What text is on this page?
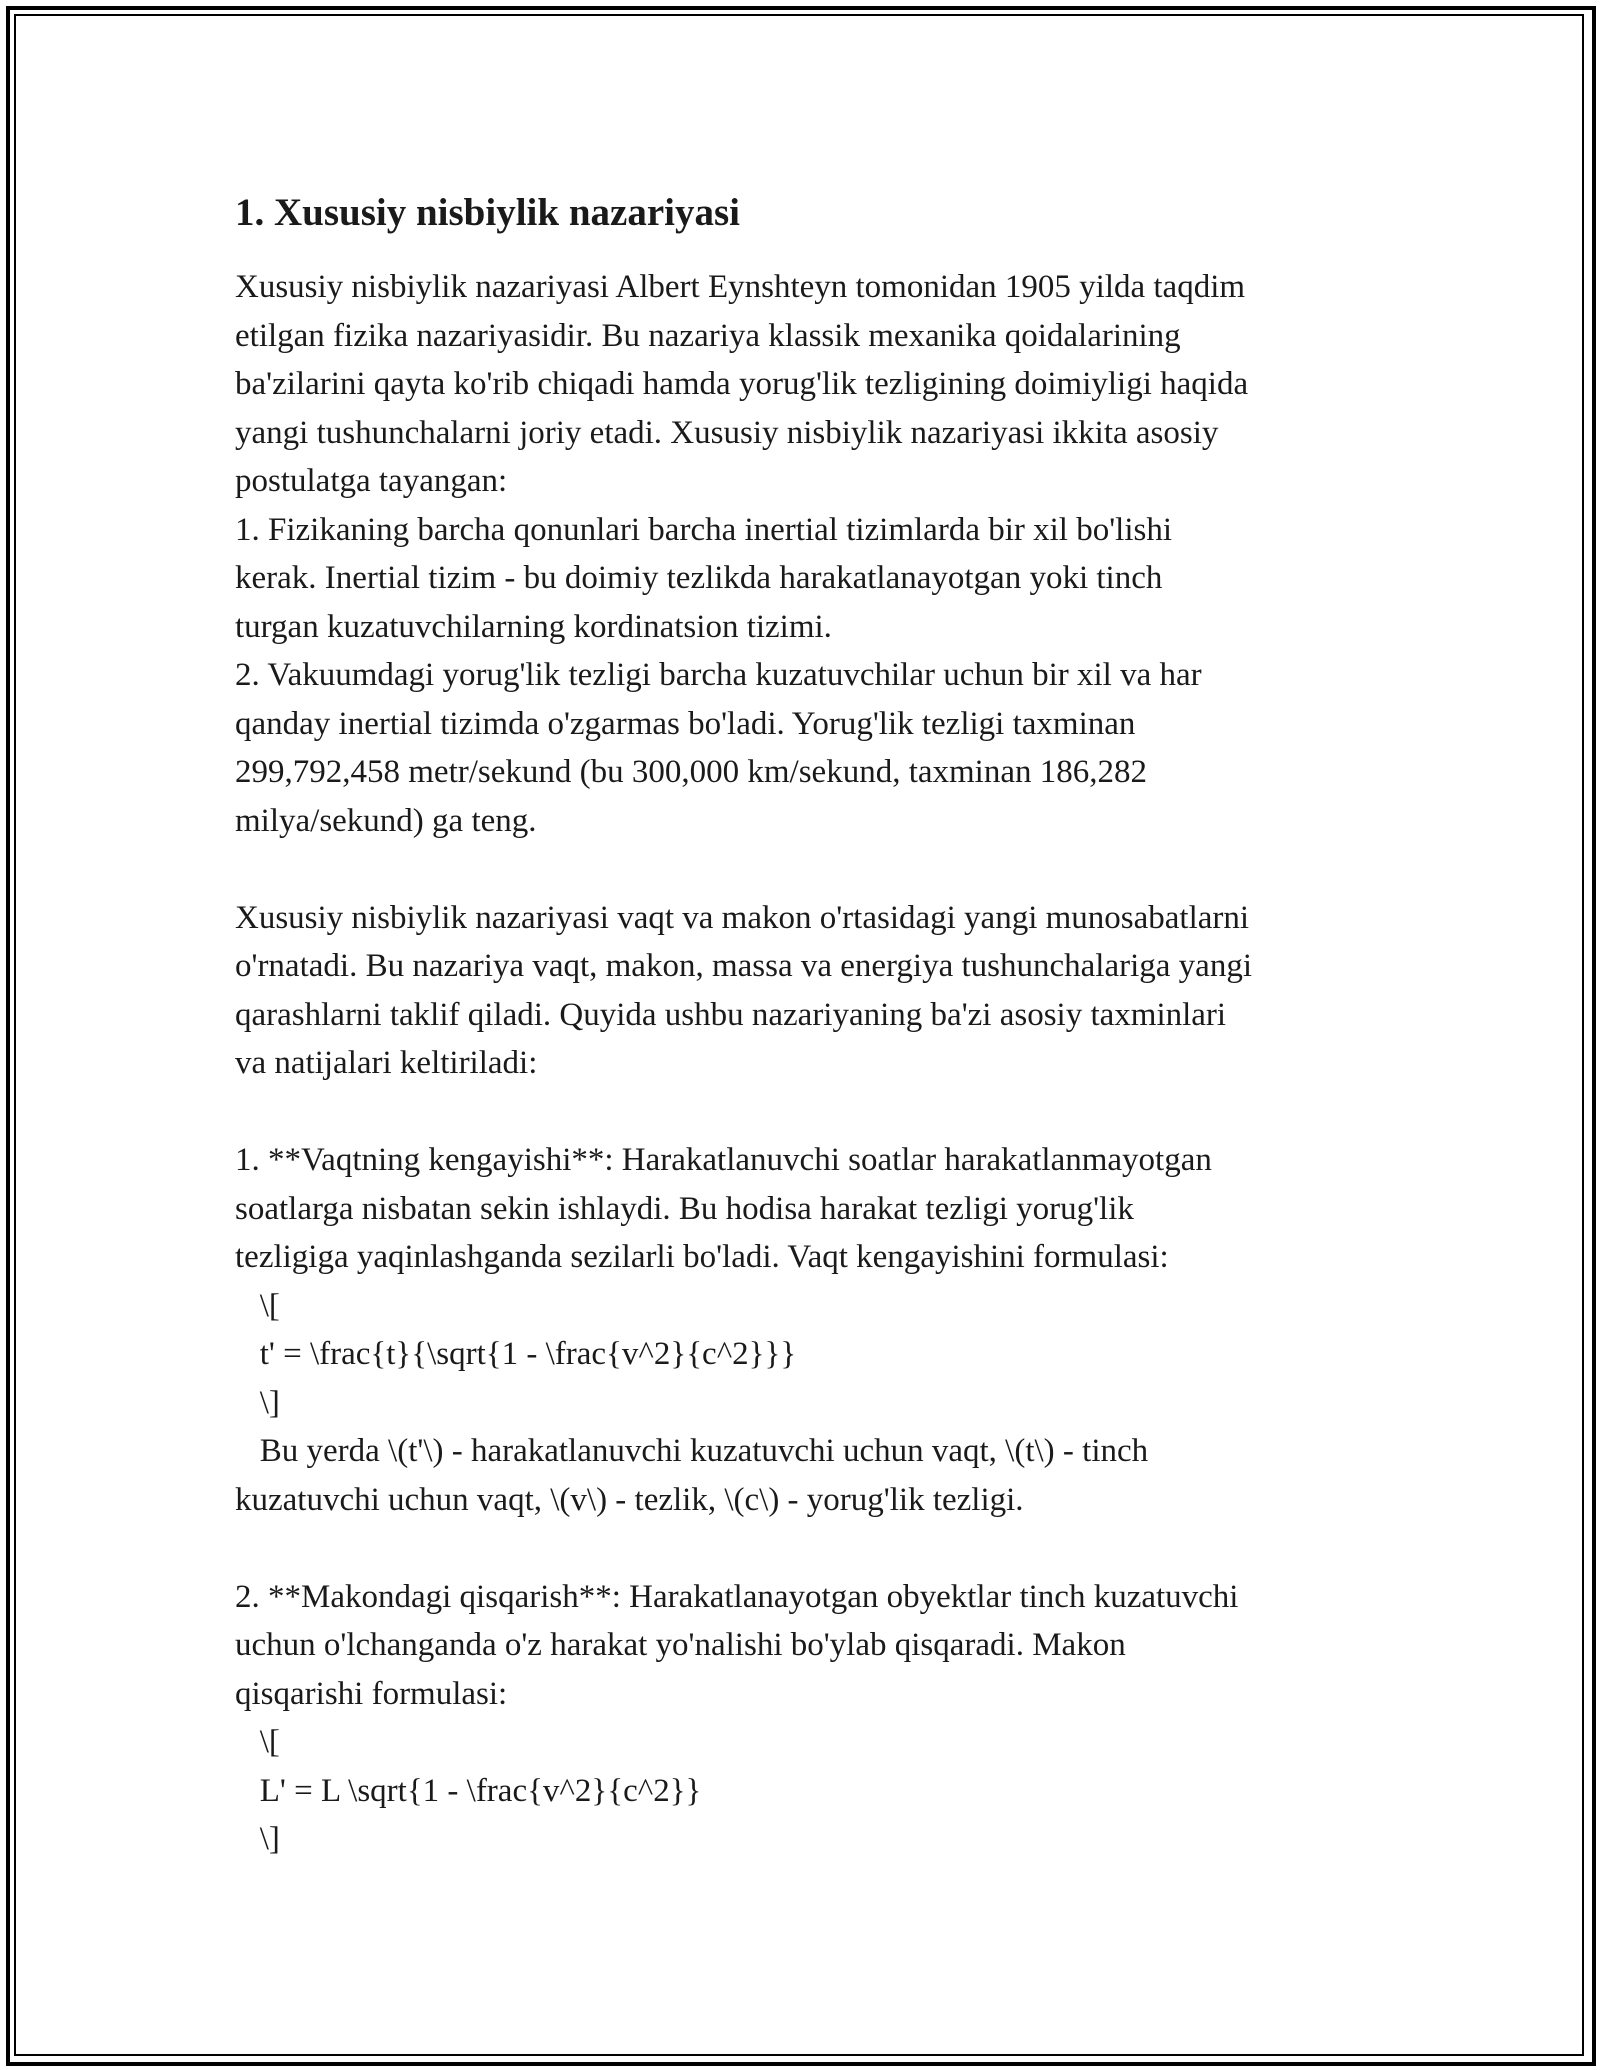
1. Xususiy nisbiylik nazariyasi
Xususiy nisbiylik nazariyasi Albert Eynshteyn tomonidan 1905 yilda taqdim
etilgan fizika nazariyasidir. Bu nazariya klassik mexanika qoidalarining
ba'zilarini qayta ko'rib chiqadi hamda yorug'lik tezligining doimiyligi haqida
yangi tushunchalarni joriy etadi. Xususiy nisbiylik nazariyasi ikkita asosiy
postulatga tayangan:
1. Fizikaning barcha qonunlari barcha inertial tizimlarda bir xil bo'lishi
kerak. Inertial tizim - bu doimiy tezlikda harakatlanayotgan yoki tinch
turgan kuzatuvchilarning kordinatsion tizimi.
2. Vakuumdagi yorug'lik tezligi barcha kuzatuvchilar uchun bir xil va har
qanday inertial tizimda o'zgarmas bo'ladi. Yorug'lik tezligi taxminan
299,792,458 metr/sekund (bu 300,000 km/sekund, taxminan 186,282
milya/sekund) ga teng.
Xususiy nisbiylik nazariyasi vaqt va makon o'rtasidagi yangi munosabatlarni
o'rnatadi. Bu nazariya vaqt, makon, massa va energiya tushunchalariga yangi
qarashlarni taklif qiladi. Quyida ushbu nazariyaning ba'zi asosiy taxminlari
va natijalari keltiriladi:
1. **Vaqtning kengayishi**: Harakatlanuvchi soatlar harakatlanmayotgan
soatlarga nisbatan sekin ishlaydi. Bu hodisa harakat tezligi yorug'lik
tezligiga yaqinlashganda sezilarli bo'ladi. Vaqt kengayishini formulasi:
\[
t' = \frac{t}{\sqrt{1 - \frac{v^2}{c^2}}}
\]
Bu yerda \(t'\) - harakatlanuvchi kuzatuvchi uchun vaqt, \(t\) - tinch
kuzatuvchi uchun vaqt, \(v\) - tezlik, \(c\) - yorug'lik tezligi.
2. **Makondagi qisqarish**: Harakatlanayotgan obyektlar tinch kuzatuvchi
uchun o'lchanganda o'z harakat yo'nalishi bo'ylab qisqaradi. Makon
qisqarishi formulasi:
\[
L' = L \sqrt{1 - \frac{v^2}{c^2}}
\]
